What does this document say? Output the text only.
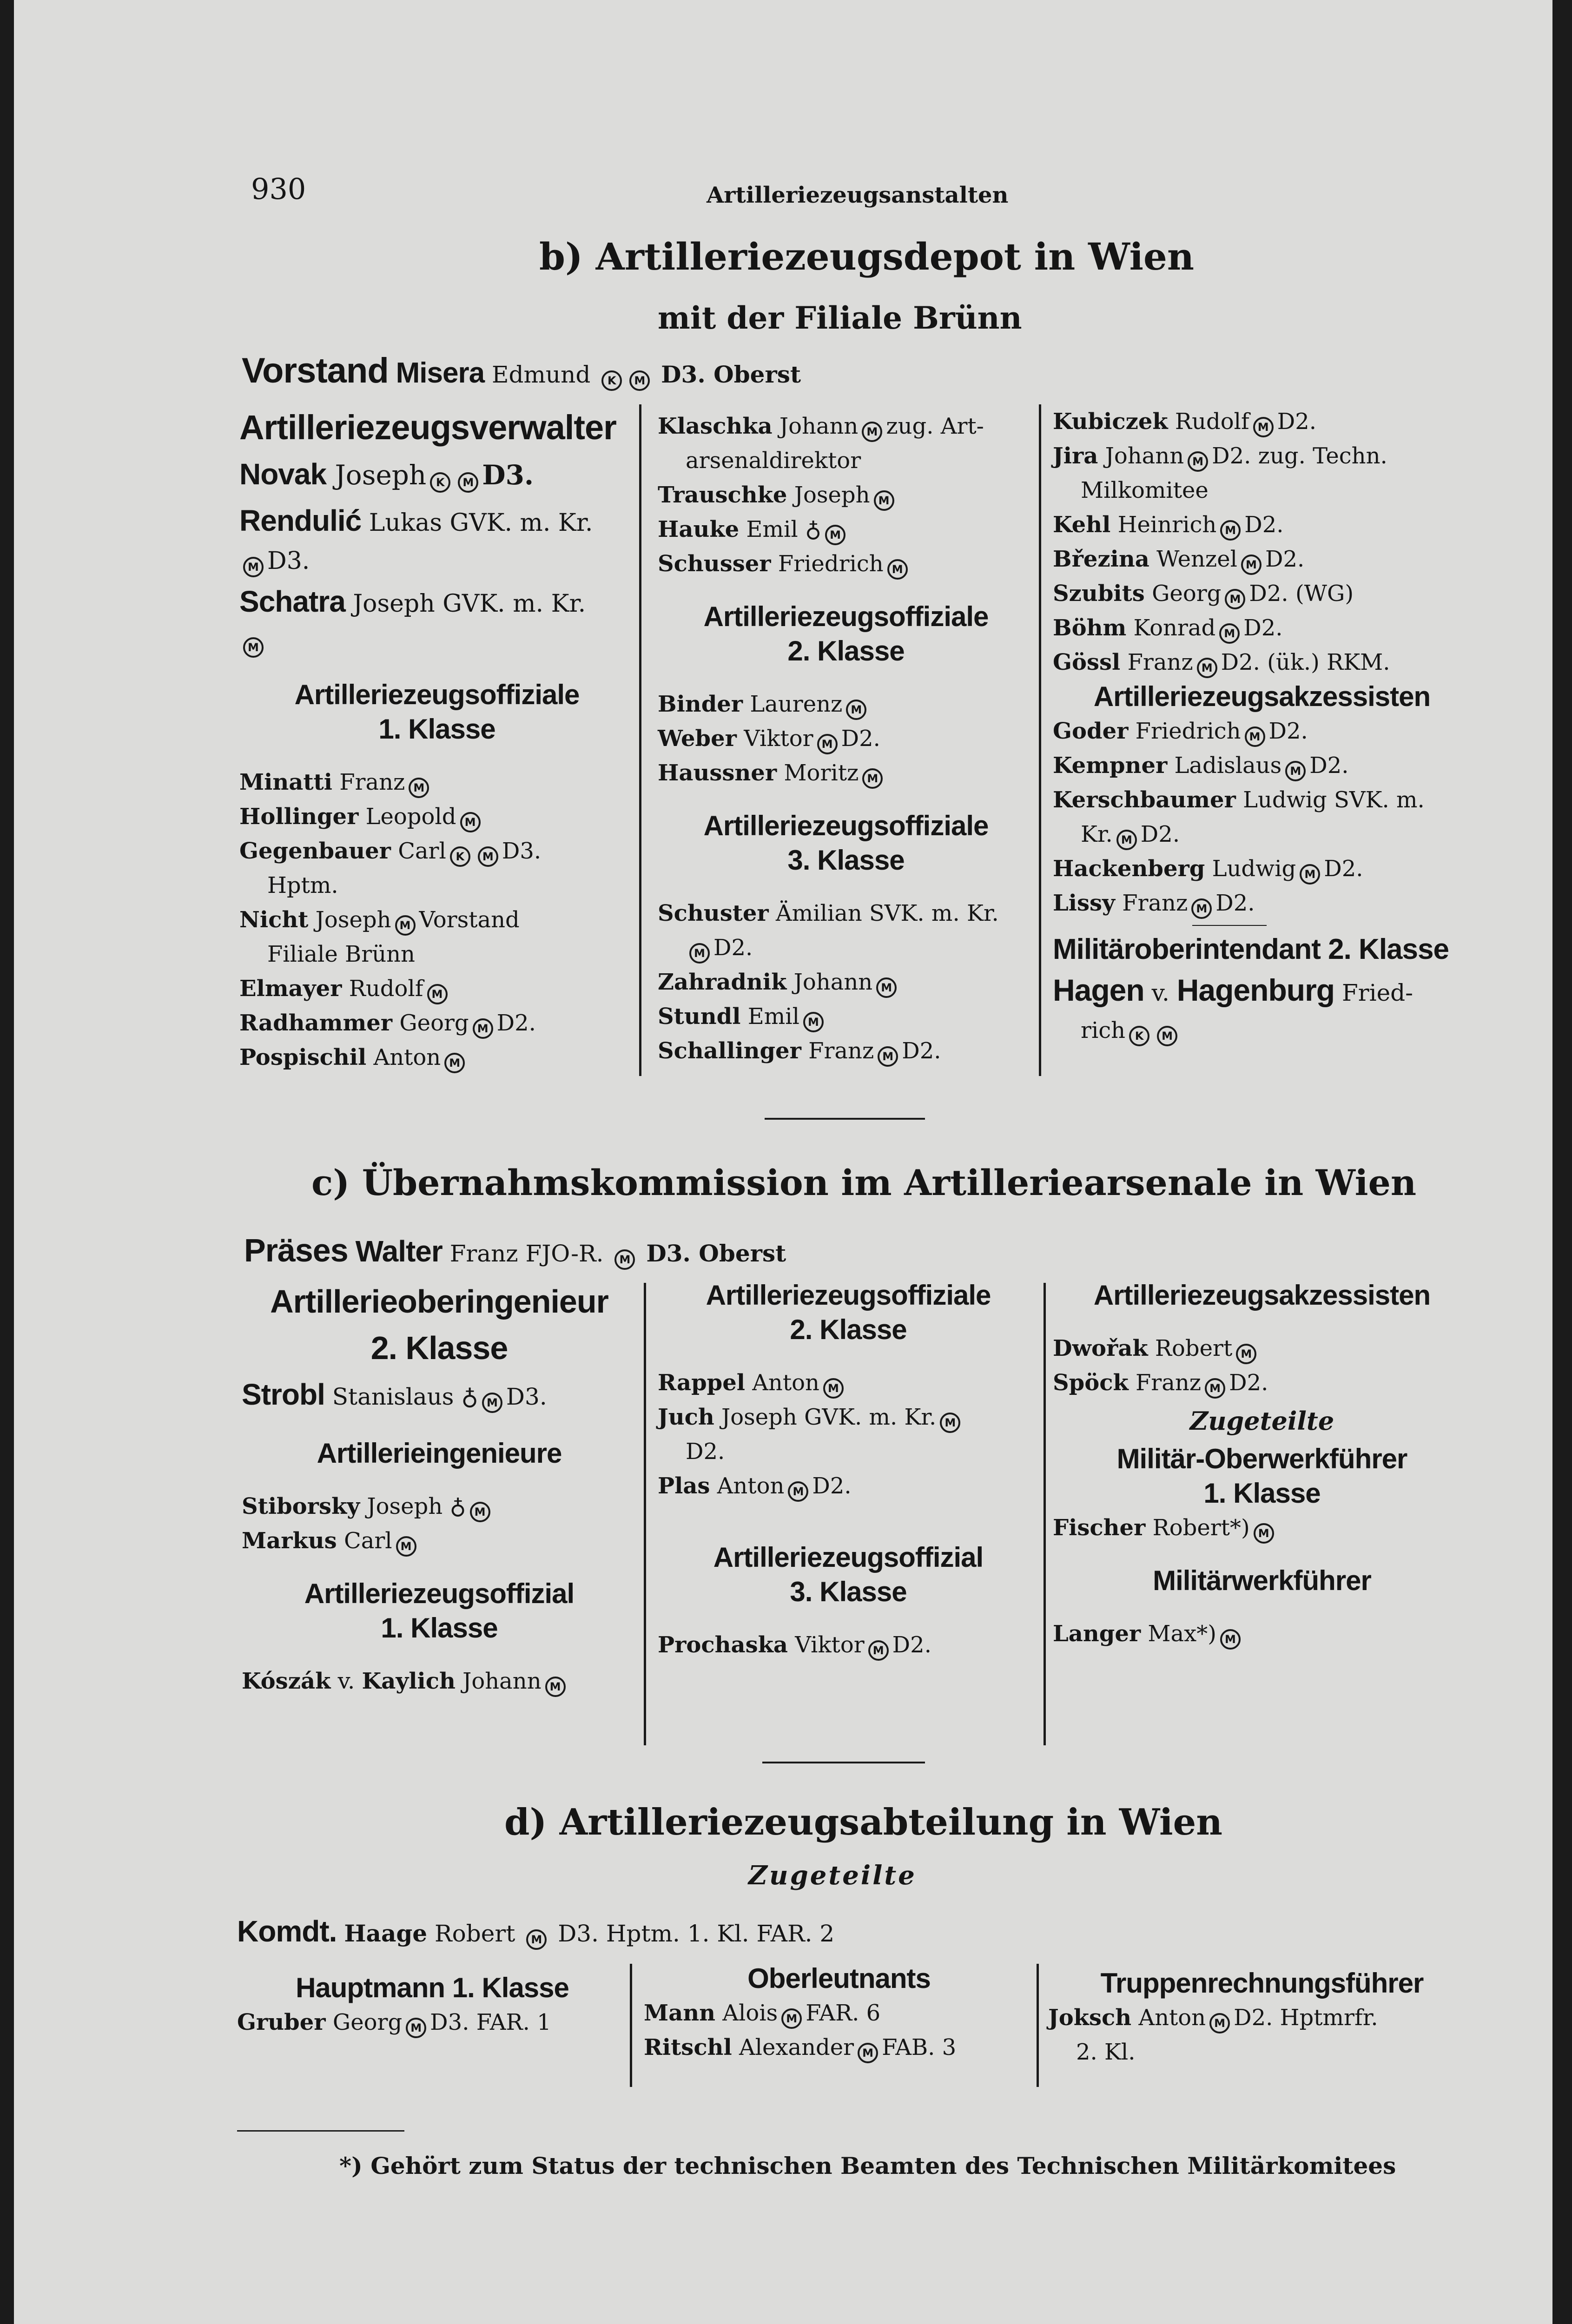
930	Artilleriezeugsanstalten

b) Artilleriezeugsdepot in Wien

mit der Filiale Brünn

Vorstand Misera Edmund K M D3. Oberst

Artilleriezeugsverwalter

Novak Joseph K M D3.

Rendulić Lukas GVK. m. Kr.

M D3.

Schatra Joseph GVK. m. Kr.

M

Artilleriezeugsoffiziale

1. Klasse

Minatti Franz M

Hollinger Leopold M

Gegenbauer Carl K M D3.

Hptm.

Nicht Joseph M Vorstand

Filiale Brünn

Elmayer Rudolf M

Radhammer Georg M D2.

Pospischil Anton M

Klaschka Johann M zug. Art-

arsenaldirektor

Trauschke Joseph M

Hauke Emil ♁ M

Schusser Friedrich M

Artilleriezeugsoffiziale

2. Klasse

Binder Laurenz M

Weber Viktor M D2.

Haussner Moritz M

Artilleriezeugsoffiziale

3. Klasse

Schuster Ämilian SVK. m. Kr.

M D2.

Zahradnik Johann M

Stundl Emil M

Schallinger Franz M D2.

Kubiczek Rudolf M D2.

Jira Johann M D2. zug. Techn.

Milkomitee

Kehl Heinrich M D2.

Březina Wenzel M D2.

Szubits Georg M D2. (WG)

Böhm Konrad M D2.

Gössl Franz M D2. (ük.) RKM.

Artilleriezeugsakzessisten

Goder Friedrich M D2.

Kempner Ladislaus M D2.

Kerschbaumer Ludwig SVK. m.

Kr. M D2.

Hackenberg Ludwig M D2.

Lissy Franz M D2.

Militäroberintendant 2. Klasse

Hagen v. Hagenburg Fried-

rich K M

c) Übernahmskommission im Artilleriearsenale in Wien

Präses Walter Franz FJO-R. M D3. Oberst

Artillerieoberingenieur

2. Klasse

Strobl Stanislaus ♁ M D3.

Artillerieingenieure

Stiborsky Joseph ♁ M

Markus Carl M

Artilleriezeugsoffizial

1. Klasse

Kószák v. Kaylich Johann M

Artilleriezeugsoffiziale

2. Klasse

Rappel Anton M

Juch Joseph GVK. m. Kr. M

D2.

Plas Anton M D2.

Artilleriezeugsoffizial

3. Klasse

Prochaska Viktor M D2.

Artilleriezeugsakzessisten

Dwořak Robert M

Spöck Franz M D2.

Zugeteilte

Militär-Oberwerkführer

1. Klasse

Fischer Robert*) M

Militärwerkführer

Langer Max*) M

d) Artilleriezeugsabteilung in Wien

Zugeteilte

Komdt. Haage Robert M D3. Hptm. 1. Kl. FAR. 2

Hauptmann 1. Klasse

Gruber Georg M D3. FAR. 1

Oberleutnants

Mann Alois M FAR. 6

Ritschl Alexander M FAB. 3

Truppenrechnungsführer

Joksch Anton M D2. Hptmrfr.

2. Kl.

*) Gehört zum Status der technischen Beamten des Technischen Militärkomitees
